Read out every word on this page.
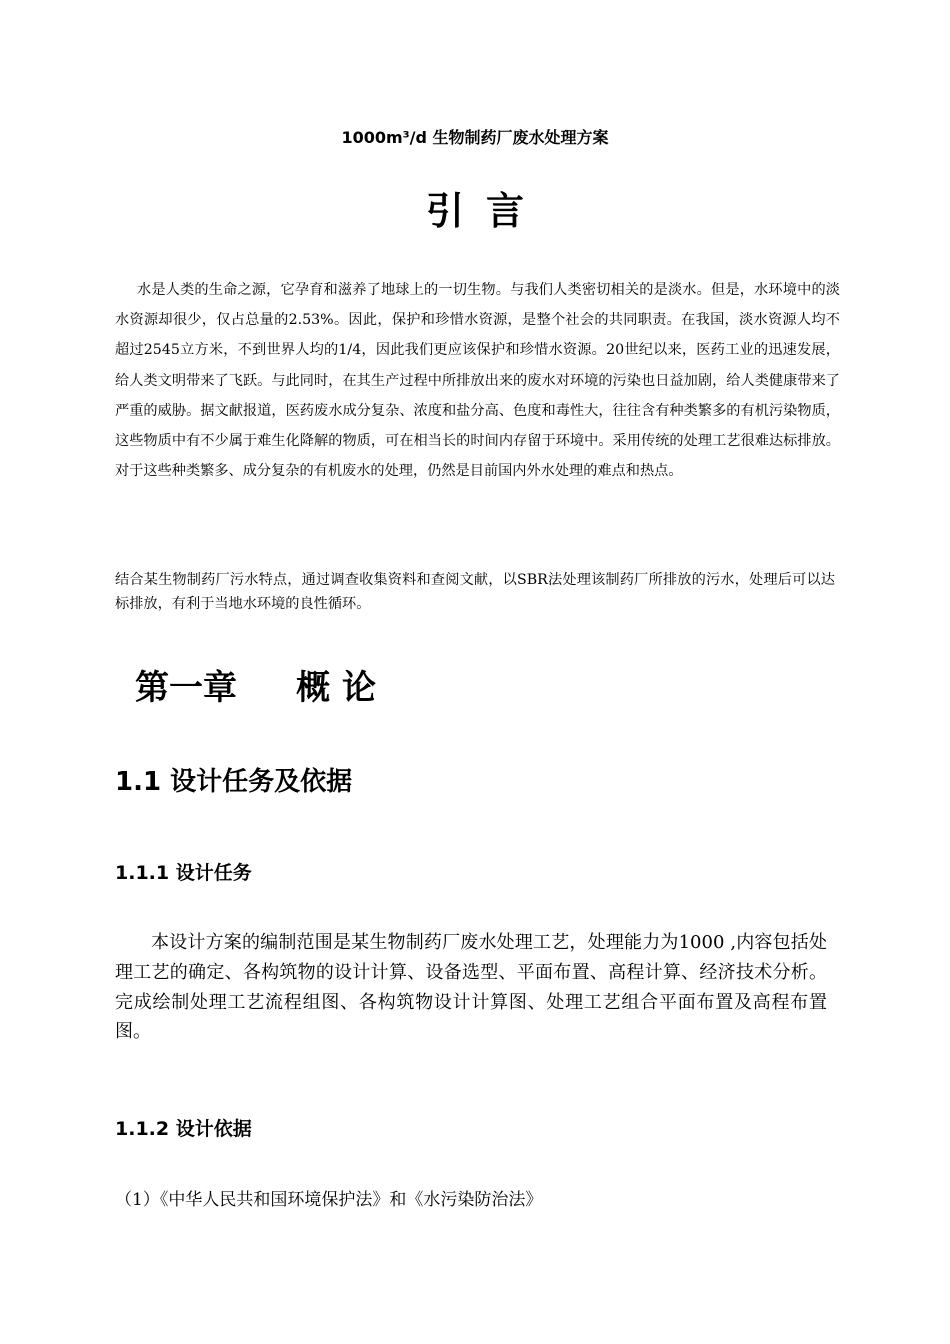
1000m³/d 生物制药厂废水处理方案
引言

水是人类的生命之源，它孕育和滋养了地球上的一切生物。与我们人类密切相关的是淡水。但是，水环境中的淡水资源却很少，仅占总量的2.53%。因此，保护和珍惜水资源，是整个社会的共同职责。在我国，淡水资源人均不超过2545立方米，不到世界人均的1/4，因此我们更应该保护和珍惜水资源。20世纪以来，医药工业的迅速发展，给人类文明带来了飞跃。与此同时，在其生产过程中所排放出来的废水对环境的污染也日益加剧，给人类健康带来了严重的威胁。据文献报道，医药废水成分复杂、浓度和盐分高、色度和毒性大，往往含有种类繁多的有机污染物质，这些物质中有不少属于难生化降解的物质，可在相当长的时间内存留于环境中。采用传统的处理工艺很难达标排放。对于这些种类繁多、成分复杂的有机废水的处理，仍然是目前国内外水处理的难点和热点。

结合某生物制药厂污水特点，通过调查收集资料和查阅文献，以SBR法处理该制药厂所排放的污水，处理后可以达标排放，有利于当地水环境的良性循环。

第一章     概 论
1.1 设计任务及依据
1.1.1 设计任务

本设计方案的编制范围是某生物制药厂废水处理工艺，处理能力为1000 ,内容包括处理工艺的确定、各构筑物的设计计算、设备选型、平面布置、高程计算、经济技术分析。完成绘制处理工艺流程组图、各构筑物设计计算图、处理工艺组合平面布置及高程布置图。

1.1.2 设计依据
（1）《中华人民共和国环境保护法》和《水污染防治法》
